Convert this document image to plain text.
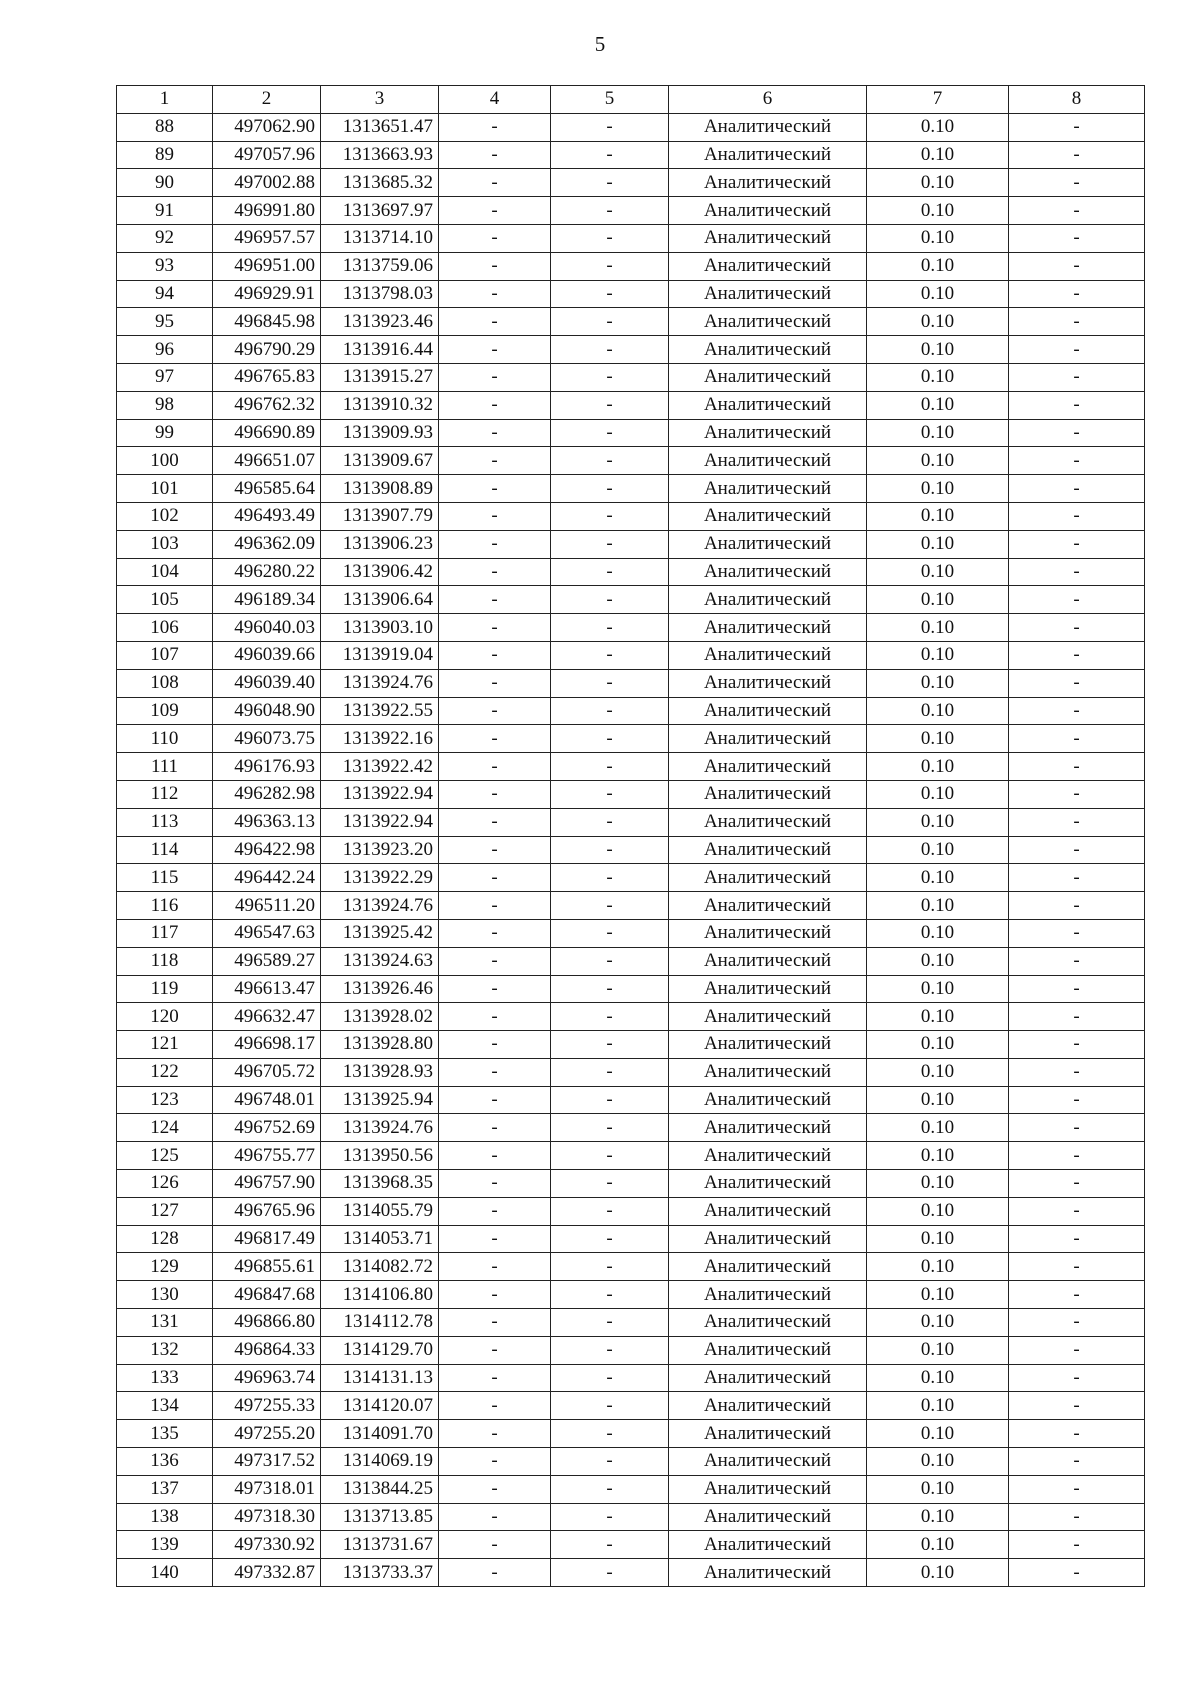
5
1	2	3	4	5	6	7	8
88	497062.90	1313651.47	-	-	Аналитический	0.10	-
89	497057.96	1313663.93	-	-	Аналитический	0.10	-
90	497002.88	1313685.32	-	-	Аналитический	0.10	-
91	496991.80	1313697.97	-	-	Аналитический	0.10	-
92	496957.57	1313714.10	-	-	Аналитический	0.10	-
93	496951.00	1313759.06	-	-	Аналитический	0.10	-
94	496929.91	1313798.03	-	-	Аналитический	0.10	-
95	496845.98	1313923.46	-	-	Аналитический	0.10	-
96	496790.29	1313916.44	-	-	Аналитический	0.10	-
97	496765.83	1313915.27	-	-	Аналитический	0.10	-
98	496762.32	1313910.32	-	-	Аналитический	0.10	-
99	496690.89	1313909.93	-	-	Аналитический	0.10	-
100	496651.07	1313909.67	-	-	Аналитический	0.10	-
101	496585.64	1313908.89	-	-	Аналитический	0.10	-
102	496493.49	1313907.79	-	-	Аналитический	0.10	-
103	496362.09	1313906.23	-	-	Аналитический	0.10	-
104	496280.22	1313906.42	-	-	Аналитический	0.10	-
105	496189.34	1313906.64	-	-	Аналитический	0.10	-
106	496040.03	1313903.10	-	-	Аналитический	0.10	-
107	496039.66	1313919.04	-	-	Аналитический	0.10	-
108	496039.40	1313924.76	-	-	Аналитический	0.10	-
109	496048.90	1313922.55	-	-	Аналитический	0.10	-
110	496073.75	1313922.16	-	-	Аналитический	0.10	-
111	496176.93	1313922.42	-	-	Аналитический	0.10	-
112	496282.98	1313922.94	-	-	Аналитический	0.10	-
113	496363.13	1313922.94	-	-	Аналитический	0.10	-
114	496422.98	1313923.20	-	-	Аналитический	0.10	-
115	496442.24	1313922.29	-	-	Аналитический	0.10	-
116	496511.20	1313924.76	-	-	Аналитический	0.10	-
117	496547.63	1313925.42	-	-	Аналитический	0.10	-
118	496589.27	1313924.63	-	-	Аналитический	0.10	-
119	496613.47	1313926.46	-	-	Аналитический	0.10	-
120	496632.47	1313928.02	-	-	Аналитический	0.10	-
121	496698.17	1313928.80	-	-	Аналитический	0.10	-
122	496705.72	1313928.93	-	-	Аналитический	0.10	-
123	496748.01	1313925.94	-	-	Аналитический	0.10	-
124	496752.69	1313924.76	-	-	Аналитический	0.10	-
125	496755.77	1313950.56	-	-	Аналитический	0.10	-
126	496757.90	1313968.35	-	-	Аналитический	0.10	-
127	496765.96	1314055.79	-	-	Аналитический	0.10	-
128	496817.49	1314053.71	-	-	Аналитический	0.10	-
129	496855.61	1314082.72	-	-	Аналитический	0.10	-
130	496847.68	1314106.80	-	-	Аналитический	0.10	-
131	496866.80	1314112.78	-	-	Аналитический	0.10	-
132	496864.33	1314129.70	-	-	Аналитический	0.10	-
133	496963.74	1314131.13	-	-	Аналитический	0.10	-
134	497255.33	1314120.07	-	-	Аналитический	0.10	-
135	497255.20	1314091.70	-	-	Аналитический	0.10	-
136	497317.52	1314069.19	-	-	Аналитический	0.10	-
137	497318.01	1313844.25	-	-	Аналитический	0.10	-
138	497318.30	1313713.85	-	-	Аналитический	0.10	-
139	497330.92	1313731.67	-	-	Аналитический	0.10	-
140	497332.87	1313733.37	-	-	Аналитический	0.10	-
